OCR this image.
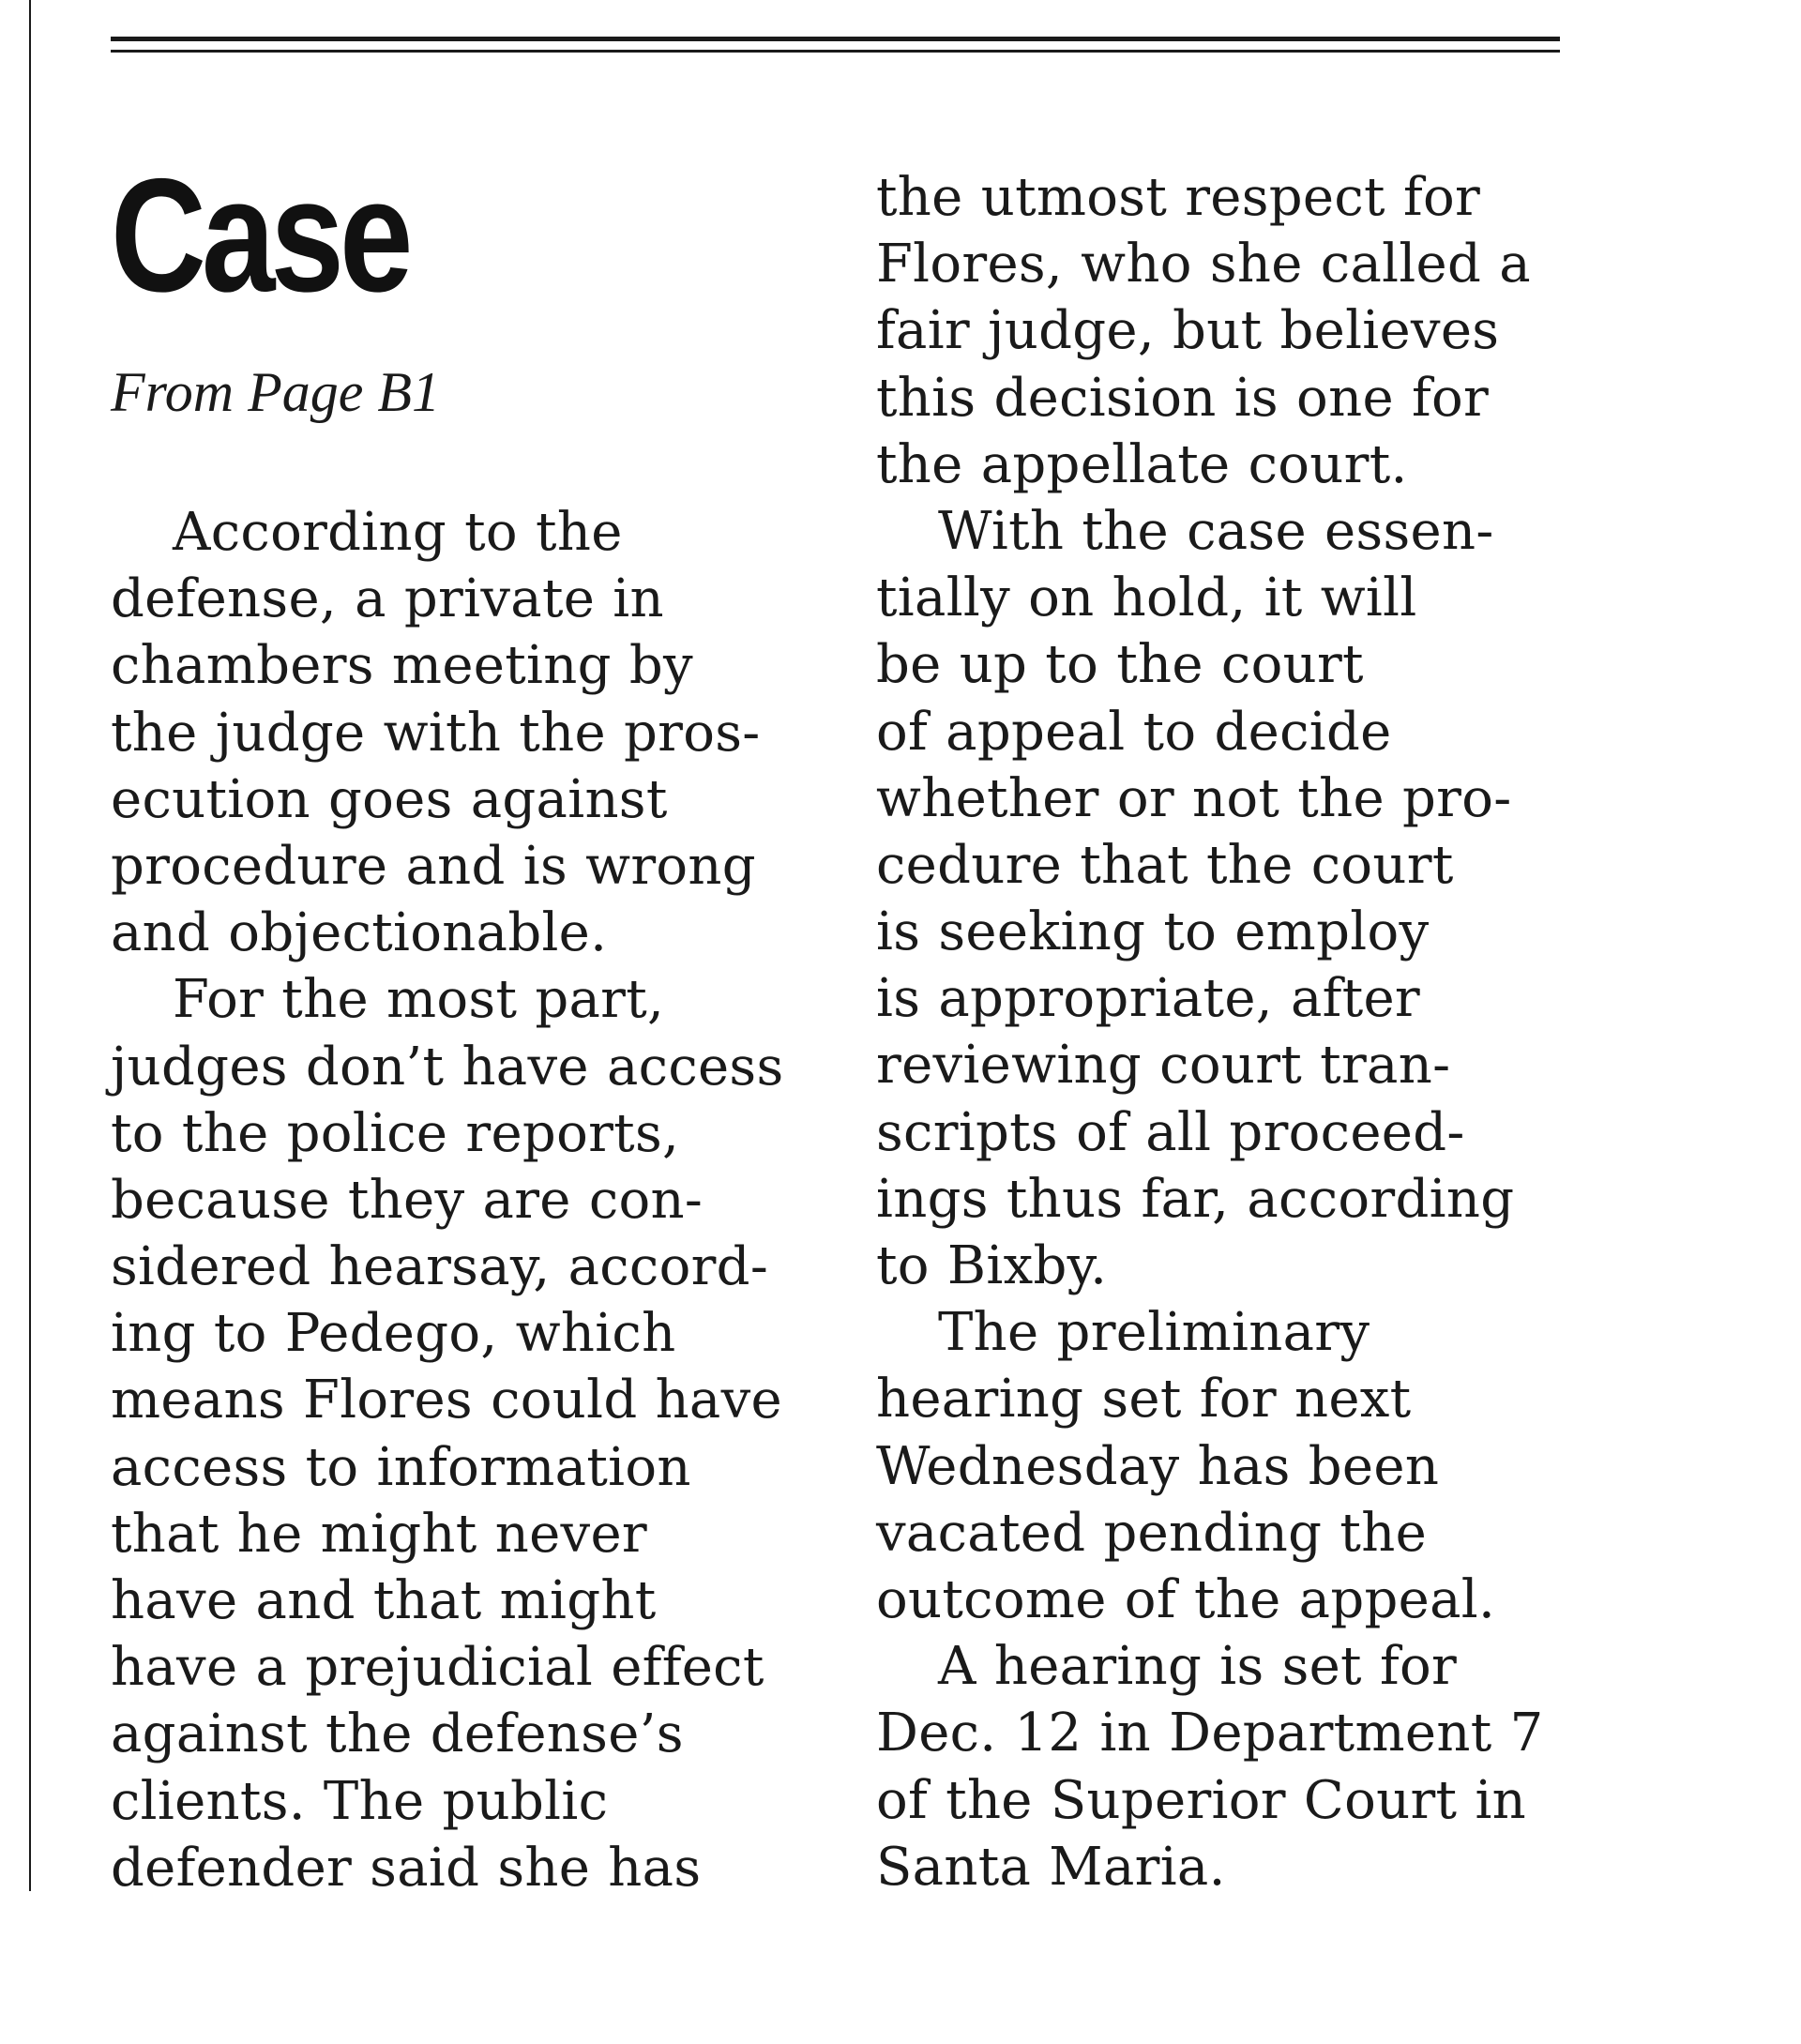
Case

From Page B1

According to the
defense, a private in
chambers meeting by
the judge with the pros-
ecution goes against
procedure and is wrong
and objectionable.
For the most part,
judges don’t have access
to the police reports,
because they are con-
sidered hearsay, accord-
ing to Pedego, which
means Flores could have
access to information
that he might never
have and that might
have a prejudicial effect
against the defense’s
clients. The public
defender said she has
the utmost respect for
Flores, who she called a
fair judge, but believes
this decision is one for
the appellate court.
With the case essen-
tially on hold, it will
be up to the court
of appeal to decide
whether or not the pro-
cedure that the court
is seeking to employ
is appropriate, after
reviewing court tran-
scripts of all proceed-
ings thus far, according
to Bixby.
The preliminary
hearing set for next
Wednesday has been
vacated pending the
outcome of the appeal.
A hearing is set for
Dec. 12 in Department 7
of the Superior Court in
Santa Maria.
